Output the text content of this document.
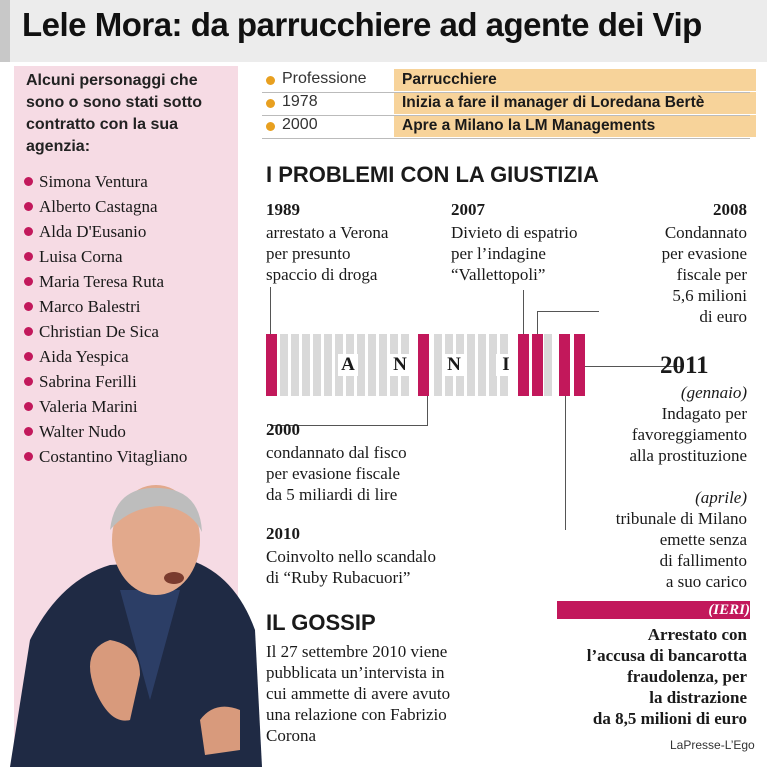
Lele Mora: da parrucchiere ad agente dei Vip
Alcuni personaggi che sono o sono stati sotto contratto con la sua agenzia:
Simona Ventura
Alberto Castagna
Alda D'Eusanio
Luisa Corna
Maria Teresa Ruta
Marco Balestri
Christian De Sica
Aida Yespica
Sabrina Ferilli
Valeria Marini
Walter Nudo
Costantino Vitagliano
Professione	Parrucchiere
1978	Inizia a fare il manager di Loredana Bertè
2000	Apre a Milano la LM Managements
I PROBLEMI CON LA GIUSTIZIA
1989
arrestato a Verona
per presunto
spaccio di droga
2007
Divieto di espatrio
per l’indagine
“Vallettopoli”
2008
Condannato
per evasione
fiscale per
5,6 milioni
di euro
A N N	I
2000
condannato dal fisco
per evasione fiscale
da 5 miliardi di lire
2010
Coinvolto nello scandalo
di “Ruby Rubacuori”
2011
(gennaio)
Indagato per
favoreggiamento
alla prostituzione
(aprile)
tribunale di Milano
emette senza
di fallimento
a suo carico
IL GOSSIP
Il 27 settembre 2010 viene
pubblicata un’intervista in
cui ammette di avere avuto
una relazione con Fabrizio
Corona
(IERI)
Arrestato con
l’accusa di bancarotta
fraudolenza, per
la distrazione
da 8,5 milioni di euro
LaPresse-L’Ego
